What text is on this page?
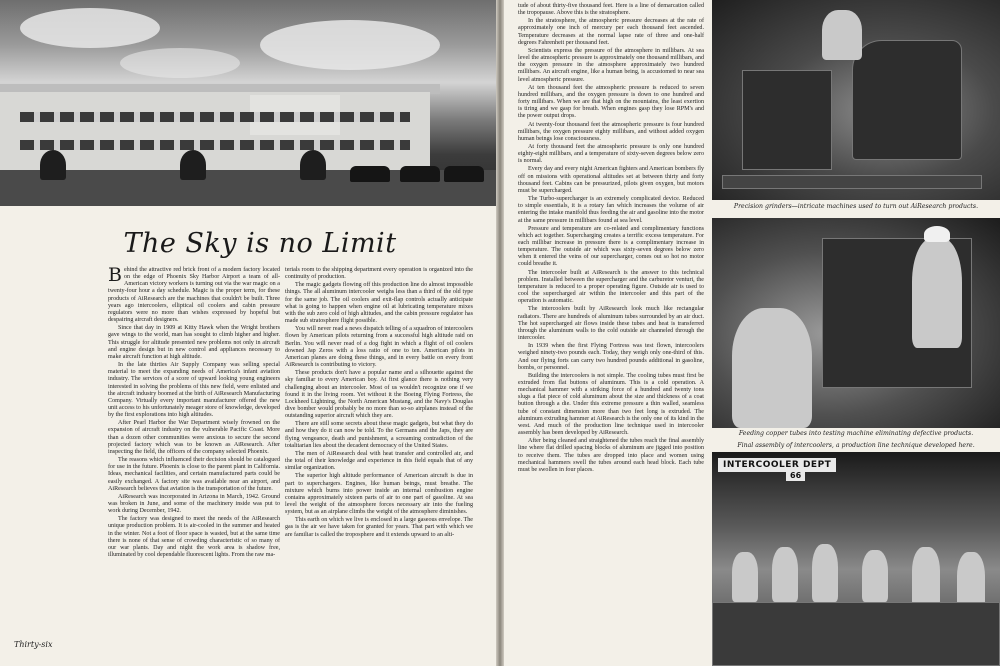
The Sky is no Limit

Behind the attractive red brick front of a modern factory located on the edge of Phoenix Sky Harbor Airport a team of all-American victory workers is turning out via the war magic on a twenty-four hour a day schedule. Magic is the proper term, for these products of AiResearch are the machines that couldn't be built. Three years ago intercoolers, elliptical oil coolers and cabin pressure regulators were no more than wishes expressed by hopeful but despairing aircraft designers.

Since that day in 1909 at Kitty Hawk when the Wright brothers gave wings to the world, man has sought to climb higher and higher. This struggle for altitude presented new problems not only in aircraft and engine design but in new control and appliances necessary to make aircraft function at high altitude.

In the late thirties Air Supply Company was selling special material to meet the expanding needs of America's infant aviation industry. The services of a score of upward looking young engineers interested in solving the problems of this new field, were enlisted and the aircraft industry boomed at the birth of AiResearch Manufacturing Company. Virtually every important manufacturer offered the new unit access to his unfortunately meager store of knowledge, developed by the first explorations into high altitudes.

After Pearl Harbor the War Department wisely frowned on the expansion of aircraft industry on the vulnerable Pacific Coast. More than a dozen other communities were anxious to secure the second projected factory which was to be known as AiResearch. After inspecting the field, the officers of the company selected Phoenix.

The reasons which influenced their decision should be catalogued for use in the future. Phoenix is close to the parent plant in California. Ideas, mechanical facilities, and certain manufactured parts could be easily exchanged. A factory site was available near an airport, and AiResearch believes that aviation is the transportation of the future.

AiResearch was incorporated in Arizona in March, 1942. Ground was broken in June, and some of the machinery inside was put to work during December, 1942.

The factory was designed to meet the needs of the AiResearch unique production problem. It is air-cooled in the summer and heated in the winter. Not a foot of floor space is wasted, but at the same time there is none of that sense of crowding characteristic of so many of our war plants. Day and night the work area is shadow free, illuminated by cool dependable fluorescent lights. From the raw ma-

terials room to the shipping department every operation is organized into the continuity of production.

The magic gadgets flowing off this production line do almost impossible things. The all aluminum intercooler weighs less than a third of the old type for the same job. The oil coolers and exit-flap controls actually anticipate what is going to happen when engine oil at lubricating temperature mixes with the sub zero cold of high altitudes, and the cabin pressure regulator has made sub stratosphere flight possible.

You will never read a news dispatch telling of a squadron of intercoolers flown by American pilots returning from a successful high altitude raid on Berlin. You will never read of a dog fight in which a flight of oil coolers downed Jap Zeros with a loss ratio of one to ten. American pilots in American planes are doing these things, and in every battle on every front AiResearch is contributing to victory.

These products don't have a popular name and a silhouette against the sky familiar to every American boy. At first glance there is nothing very challenging about an intercooler. Most of us wouldn't recognize one if we found it in the living room. Yet without it the Boeing Flying Fortress, the Lockheed Lightning, the North American Mustang, and the Navy's Douglas dive bomber would probably be no more than so-so airplanes instead of the outstanding superior aircraft which they are.

There are still some secrets about these magic gadgets, but what they do and how they do it can now be told. To the Germans and the Japs, they are flying vengeance, death and punishment, a screaming contradiction of the totalitarian lies about the decadent democracy of the United States.

The men of AiResearch deal with heat transfer and controlled air, and the total of their knowledge and experience in this field equals that of any similar organization.

The superior high altitude performance of American aircraft is due in part to superchargers. Engines, like human beings, must breathe. The mixture which burns into power inside an internal combustion engine contains approximately sixteen parts of air to one part of gasoline. At sea level the weight of the atmosphere forces necessary air into the fueling system, but as an airplane climbs the weight of the atmosphere diminishes.

This earth on which we live is enclosed in a large gaseous envelope. The gas is the air we have taken for granted for years. That part with which we are familiar is called the troposphere and it extends upward to an alti-

Thirty-six

tude of about thirty-five thousand feet. Here is a line of demarcation called the tropopause. Above this is the stratosphere.

In the stratosphere, the atmospheric pressure decreases at the rate of approximately one inch of mercury per each thousand feet ascended. Temperature decreases at the normal lapse rate of three and one-half degrees Fahrenheit per thousand feet.

Scientists express the pressure of the atmosphere in millibars. At sea level the atmospheric pressure is approximately one thousand millibars, and the oxygen pressure in the atmosphere approximately two hundred millibars. An aircraft engine, like a human being, is accustomed to near sea level atmospheric pressure.

At ten thousand feet the atmospheric pressure is reduced to seven hundred millibars, and the oxygen pressure is down to one hundred and forty millibars. When we are that high on the mountains, the least exertion is tiring and we gasp for breath. When engines gasp they lose RPM's and the power output drops.

At twenty-four thousand feet the atmospheric pressure is four hundred millibars, the oxygen pressure eighty millibars, and without added oxygen human beings lose consciousness.

At forty thousand feet the atmospheric pressure is only one hundred eighty-eight millibars, and a temperature of sixty-seven degrees below zero is normal.

Every day and every night American fighters and American bombers fly off on missions with operational altitudes set at between thirty and forty thousand feet. Cabins can be pressurized, pilots given oxygen, but motors must be supercharged.

The Turbo-supercharger is an extremely complicated device. Reduced to simple essentials, it is a rotary fan which increases the volume of air entering the intake manifold thus feeding the air and gasoline into the motor at the same pressure in millibars found at sea level.

Pressure and temperature are co-related and complimentary functions which act together. Supercharging creates a terrific excess temperature. For each millibar increase in pressure there is a complimentary increase in temperature. The outside air which was sixty-seven degrees below zero when it entered the veins of our supercharger, comes out so hot no motor could breathe it.

The intercooler built at AiResearch is the answer to this technical problem. Installed between the supercharger and the carburetor venturi, the temperature is reduced to a proper operating figure. Outside air is used to cool the supercharged air within the intercooler and this part of the operation is automatic.

The intercoolers built by AiResearch look much like rectangular radiators. There are hundreds of aluminum tubes surrounded by an air duct. The hot supercharged air flows inside these tubes and heat is transferred through the aluminum walls to the cold outside air channeled through the intercooler.

In 1939 when the first Flying Fortress was test flown, intercoolers weighed ninety-two pounds each. Today, they weigh only one-third of this. And our flying forts can carry two hundred pounds additional in gasoline, bombs, or personnel.

Building the intercoolers is not simple. The cooling tubes must first be extruded from flat buttons of aluminum. This is a cold operation. A mechanical hammer with a striking force of a hundred and twenty tons slugs a flat piece of cold aluminum about the size and thickness of a coat button through a die. Under this extreme pressure a thin walled, seamless tube of constant dimension more than two feet long is extruded. The aluminum extruding hammer at AiResearch is the only one of its kind in the west. And much of the production line technique used in intercooler assembly has been developed by AiResearch.

After being cleaned and straightened the tubes reach the final assembly line where flat drilled spacing blocks of aluminum are jigged into position to receive them. The tubes are dropped into place and women using mechanical hammers swell the tubes around each head block. Each tube must be swollen in four places.

Precision grinders—intricate machines used to turn out AiResearch products.
Feeding copper tubes into testing machine eliminating defective products.
Final assembly of intercoolers, a production line technique developed here.
INTERCOOLER DEPT
66
